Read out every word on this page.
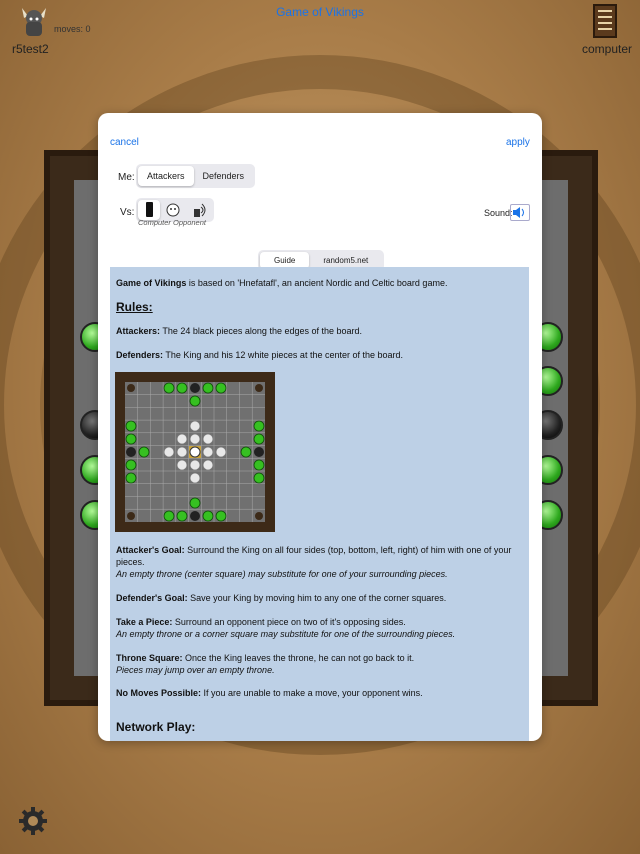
Game of Vikings
moves: 0
r5test2	computer
cancel	apply
Me:	Attackers	Defenders
Vs:
Computer Opponent
Sound:
Guide	random5.net

Game of Vikings is based on 'Hnefatafl', an ancient Nordic and Celtic board game.

Rules:

Attackers: The 24 black pieces along the edges of the board.

Defenders: The King and his 12 white pieces at the center of the board.

Attacker's Goal: Surround the King on all four sides (top, bottom, left, right) of him with one of your pieces.

An empty throne (center square) may substitute for one of your surrounding pieces.

Defender's Goal: Save your King by moving him to any one of the corner squares.

Take a Piece: Surround an opponent piece on two of it's opposing sides.

An empty throne or a corner square may substitute for one of the surrounding pieces.

Throne Square: Once the King leaves the throne, he can not go back to it.

Pieces may jump over an empty throne.

No Moves Possible: If you are unable to make a move, your opponent wins.

Network Play:
